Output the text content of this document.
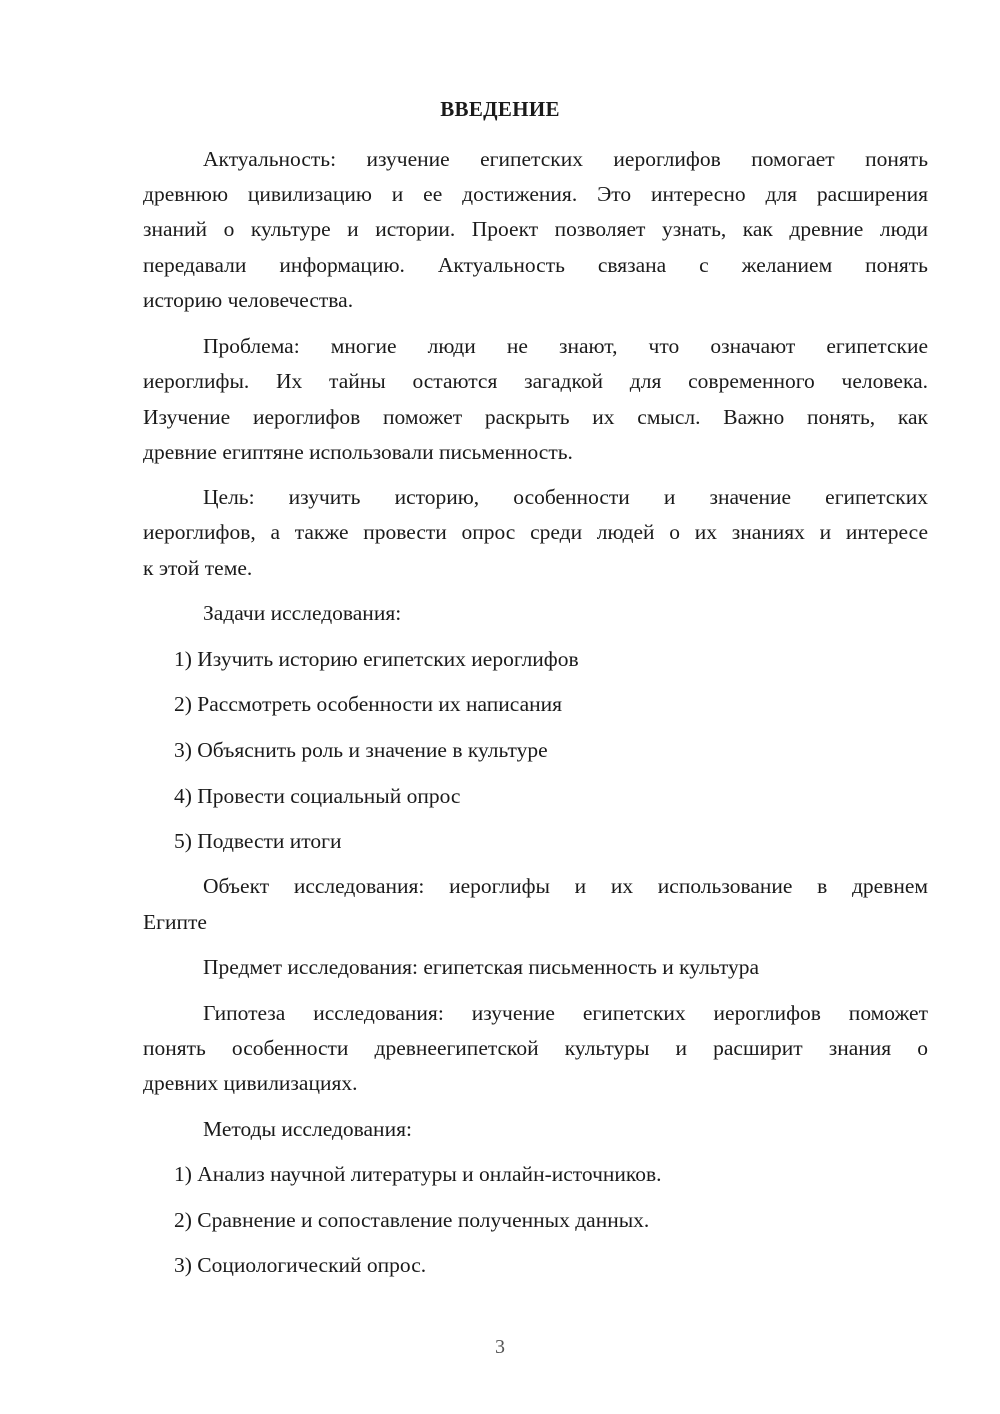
ВВЕДЕНИЕ
Актуальность: изучение египетских иероглифов помогает понять
древнюю цивилизацию и ее достижения. Это интересно для расширения
знаний о культуре и истории. Проект позволяет узнать, как древние люди
передавали информацию. Актуальность связана с желанием понять
историю человечества.
Проблема: многие люди не знают, что означают египетские
иероглифы. Их тайны остаются загадкой для современного человека.
Изучение иероглифов поможет раскрыть их смысл. Важно понять, как
древние египтяне использовали письменность.
Цель: изучить историю, особенности и значение египетских
иероглифов, а также провести опрос среди людей о их знаниях и интересе
к этой теме.
Задачи исследования:
1) Изучить историю египетских иероглифов
2) Рассмотреть особенности их написания
3) Объяснить роль и значение в культуре
4) Провести социальный опрос
5) Подвести итоги
Объект исследования: иероглифы и их использование в древнем
Египте
Предмет исследования: египетская письменность и культура
Гипотеза исследования: изучение египетских иероглифов поможет
понять особенности древнеегипетской культуры и расширит знания о
древних цивилизациях.
Методы исследования:
1) Анализ научной литературы и онлайн-источников.
2) Сравнение и сопоставление полученных данных.
3) Социологический опрос.
3
